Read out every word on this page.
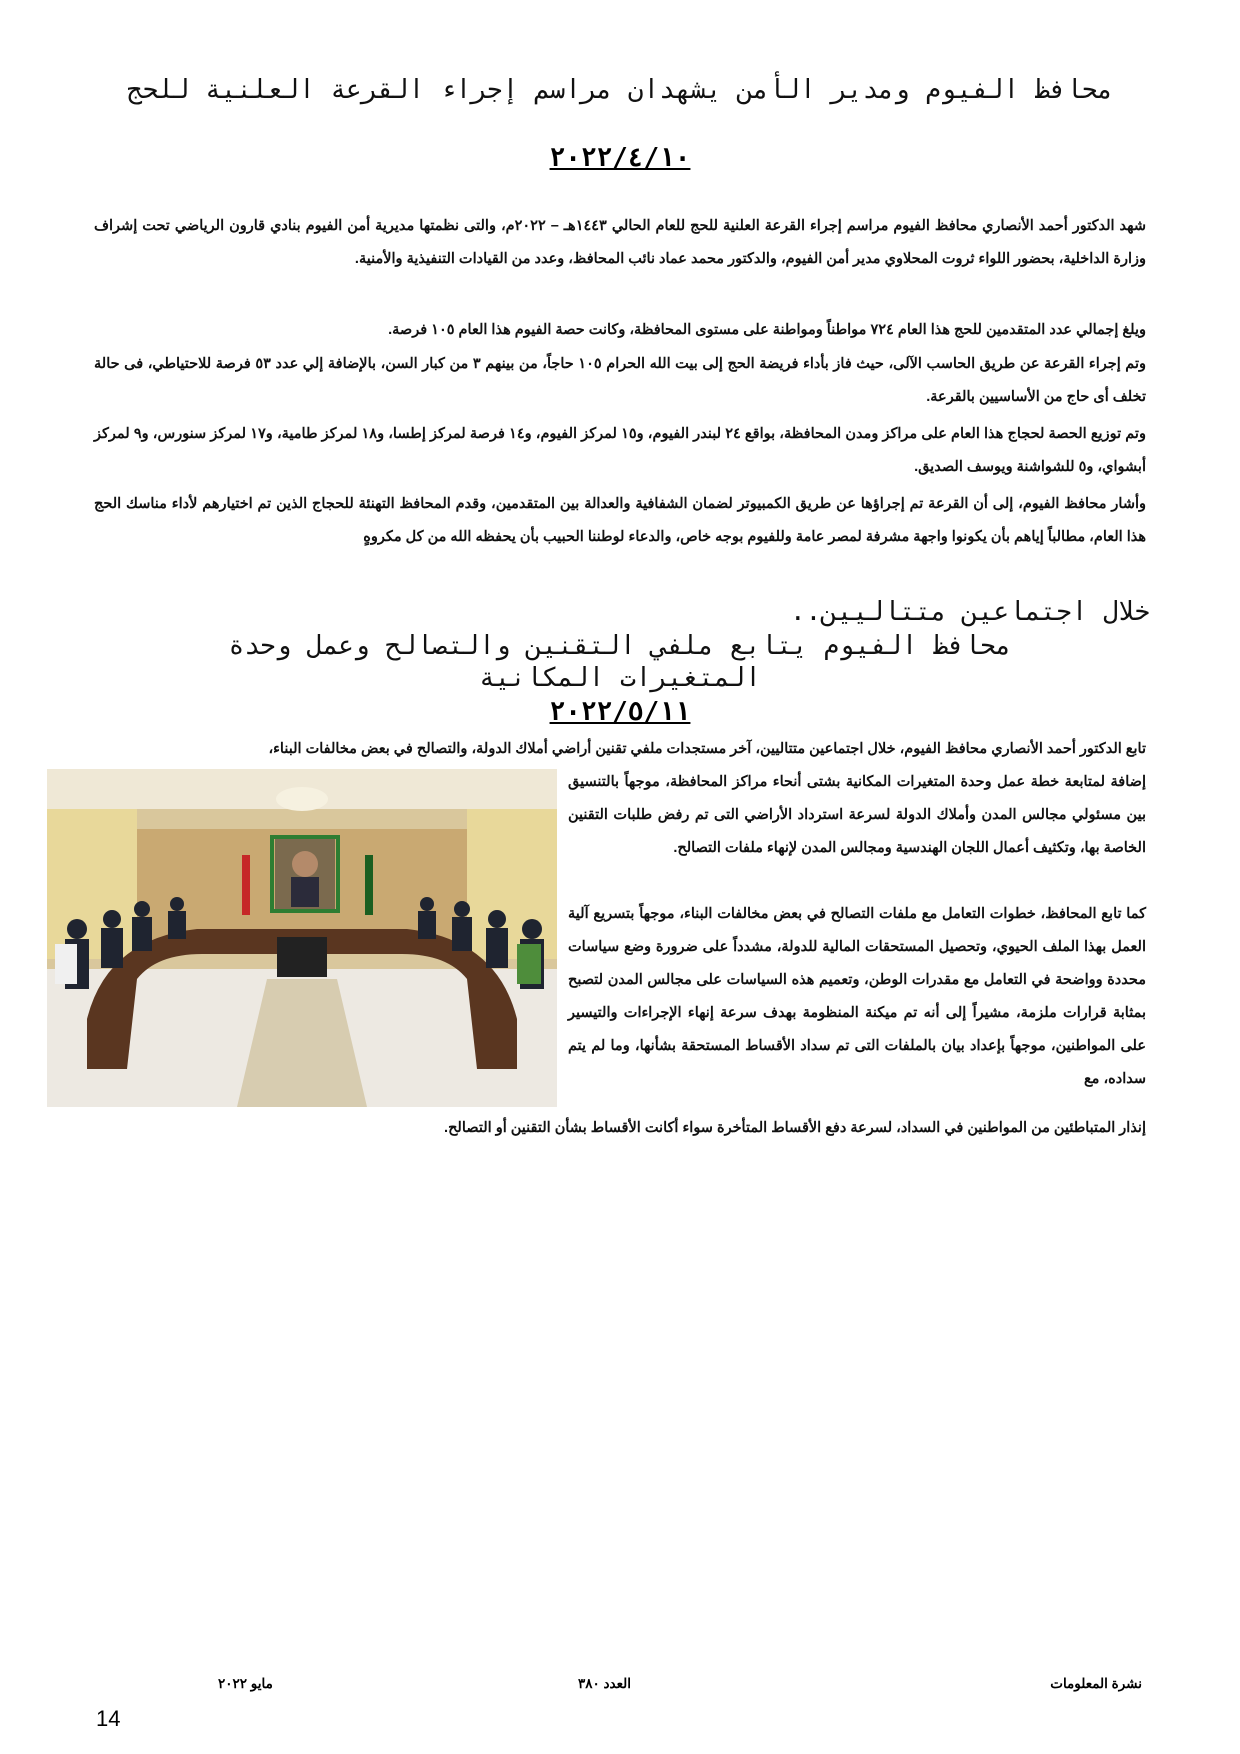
محافظ الفيوم ومدير الأمن يشهدان مراسم إجراء القرعة العلنية للحج
٢٠٢٢/٤/١٠

شهد الدكتور أحمد الأنصاري محافظ الفيوم مراسم إجراء القرعة العلنية للحج للعام الحالي ١٤٤٣هـ – ٢٠٢٢م، والتى نظمتها مديرية أمن الفيوم بنادي قارون الرياضي تحت إشراف وزارة الداخلية، بحضور اللواء ثروت المحلاوي مدير أمن الفيوم، والدكتور محمد عماد نائب المحافظ، وعدد من القيادات التنفيذية والأمنية.

ويلغ إجمالي عدد المتقدمين للحج هذا العام ٧٢٤ مواطناً ومواطنة على مستوى المحافظة، وكانت حصة الفيوم هذا العام ١٠٥ فرصة.

وتم إجراء القرعة عن طريق الحاسب الآلى، حيث فاز بأداء فريضة الحج إلى بيت الله الحرام ١٠٥ حاجاً، من بينهم ٣ من كبار السن، بالإضافة إلي عدد ٥٣ فرصة للاحتياطي، فى حالة تخلف أى حاج من الأساسيين بالقرعة.

وتم توزيع الحصة لحجاج هذا العام على مراكز ومدن المحافظة، بواقع ٢٤ لبندر الفيوم، و١٥ لمركز الفيوم، و١٤ فرصة لمركز إطسا، و١٨ لمركز طامية، و١٧ لمركز سنورس، و٩ لمركز أبشواي، و٥ للشواشنة ويوسف الصديق.

وأشار محافظ الفيوم، إلى أن القرعة تم إجراؤها عن طريق الكمبيوتر لضمان الشفافية والعدالة بين المتقدمين، وقدم المحافظ التهنئة للحجاج الذين تم اختيارهم لأداء مناسك الحج هذا العام، مطالباً إياهم بأن يكونوا واجهة مشرفة لمصر عامة وللفيوم بوجه خاص، والدعاء لوطننا الحبيب بأن يحفظه الله من كل مكروهٍ

خلال اجتماعين متتاليين..
محافظ الفيوم يتابع ملفي التقنين والتصالح وعمل وحدة المتغيرات المكانية
٢٠٢٢/٥/١١

تابع الدكتور أحمد الأنصاري محافظ الفيوم، خلال اجتماعين متتاليين، آخر مستجدات ملفي تقنين أراضي أملاك الدولة، والتصالح في بعض مخالفات البناء،

إضافة لمتابعة خطة عمل وحدة المتغيرات المكانية بشتى أنحاء مراكز المحافظة، موجهاً بالتنسيق بين مسئولي مجالس المدن وأملاك الدولة لسرعة استرداد الأراضي التى تم رفض طلبات التقنين الخاصة بها، وتكثيف أعمال اللجان الهندسية ومجالس المدن لإنهاء ملفات التصالح.

كما تابع المحافظ، خطوات التعامل مع ملفات التصالح في بعض مخالفات البناء، موجهاً بتسريع آلية العمل بهذا الملف الحيوي، وتحصيل المستحقات المالية للدولة، مشدداً على ضرورة وضع سياسات محددة وواضحة في التعامل مع مقدرات الوطن، وتعميم هذه السياسات على مجالس المدن لتصبح بمثابة قرارات ملزمة، مشيراً إلى أنه تم ميكنة المنظومة بهدف سرعة إنهاء الإجراءات والتيسير على المواطنين، موجهاً بإعداد بيان بالملفات التى تم سداد الأقساط المستحقة بشأنها، وما لم يتم سداده، مع

إنذار المتباطئين من المواطنين في السداد، لسرعة دفع الأقساط المتأخرة سواء أكانت الأقساط بشأن التقنين أو التصالح.

نشرة المعلومات
العدد ٣٨٠
مايو ٢٠٢٢
14
